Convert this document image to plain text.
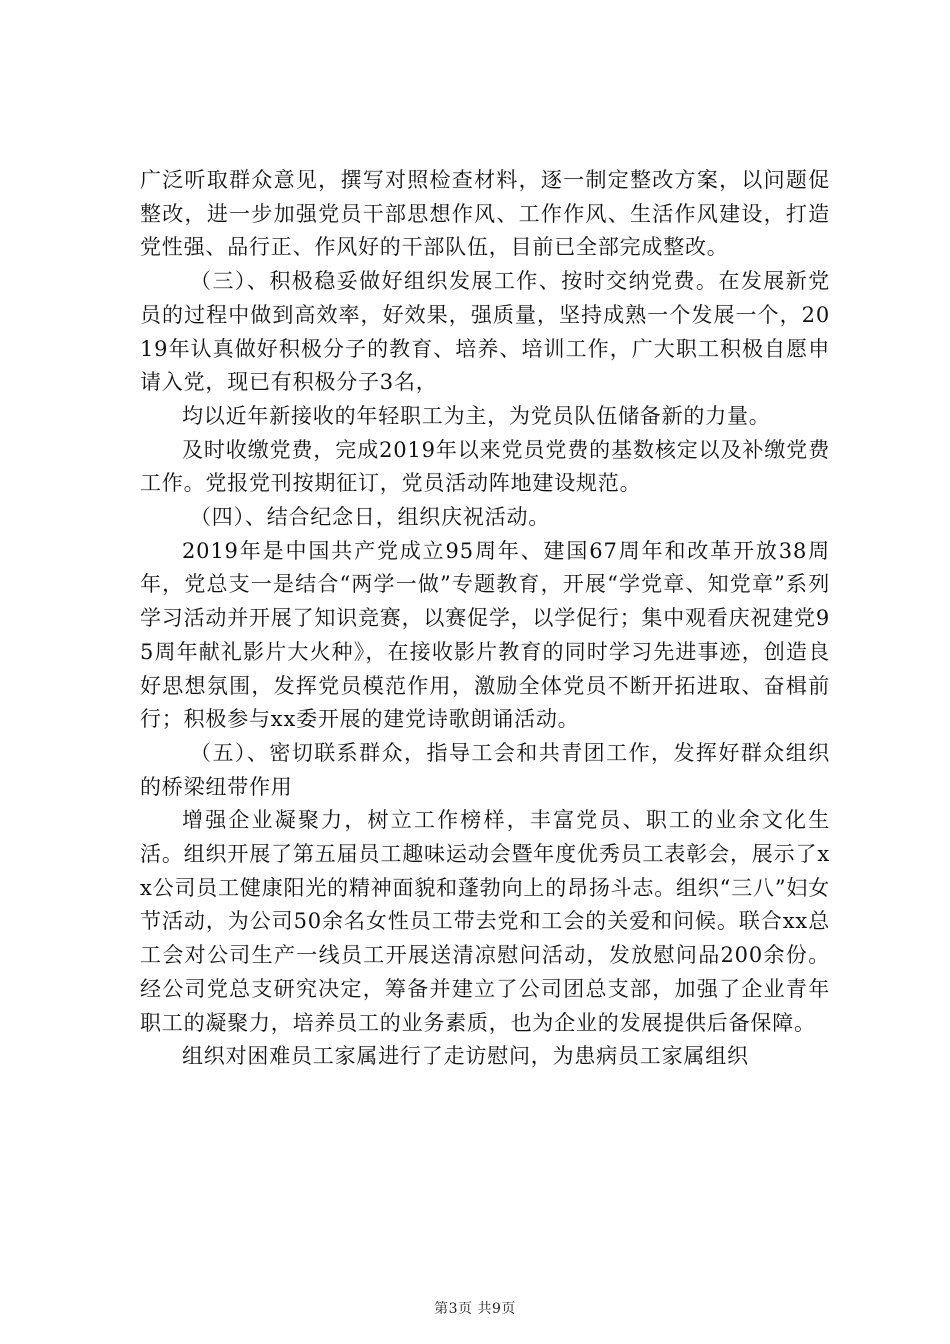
广泛听取群众意见，撰写对照检查材料，逐一制定整改方案，以问题促整改，进一步加强党员干部思想作风、工作作风、生活作风建设，打造党性强、品行正、作风好的干部队伍，目前已全部完成整改。

（三）、积极稳妥做好组织发展工作、按时交纳党费。在发展新党员的过程中做到高效率，好效果，强质量，坚持成熟一个发展一个，2019年认真做好积极分子的教育、培养、培训工作，广大职工积极自愿申请入党，现已有积极分子3名，

均以近年新接收的年轻职工为主，为党员队伍储备新的力量。

及时收缴党费，完成2019年以来党员党费的基数核定以及补缴党费工作。党报党刊按期征订，党员活动阵地建设规范。

（四）、结合纪念日，组织庆祝活动。

2019年是中国共产党成立95周年、建国67周年和改革开放38周年，党总支一是结合“两学一做”专题教育，开展“学党章、知党章”系列学习活动并开展了知识竞赛，以赛促学，以学促行；集中观看庆祝建党95周年献礼影片大火种》，在接收影片教育的同时学习先进事迹，创造良好思想氛围，发挥党员模范作用，激励全体党员不断开拓进取、奋楫前行；积极参与xx委开展的建党诗歌朗诵活动。

（五）、密切联系群众，指导工会和共青团工作，发挥好群众组织的桥梁纽带作用

增强企业凝聚力，树立工作榜样，丰富党员、职工的业余文化生活。组织开展了第五届员工趣味运动会暨年度优秀员工表彰会，展示了xx公司员工健康阳光的精神面貌和蓬勃向上的昂扬斗志。组织“三八”妇女节活动，为公司50余名女性员工带去党和工会的关爱和问候。联合xx总工会对公司生产一线员工开展送清凉慰问活动，发放慰问品200余份。经公司党总支研究决定，筹备并建立了公司团总支部，加强了企业青年职工的凝聚力，培养员工的业务素质，也为企业的发展提供后备保障。

组织对困难员工家属进行了走访慰问，为患病员工家属组织

第3页 共9页
